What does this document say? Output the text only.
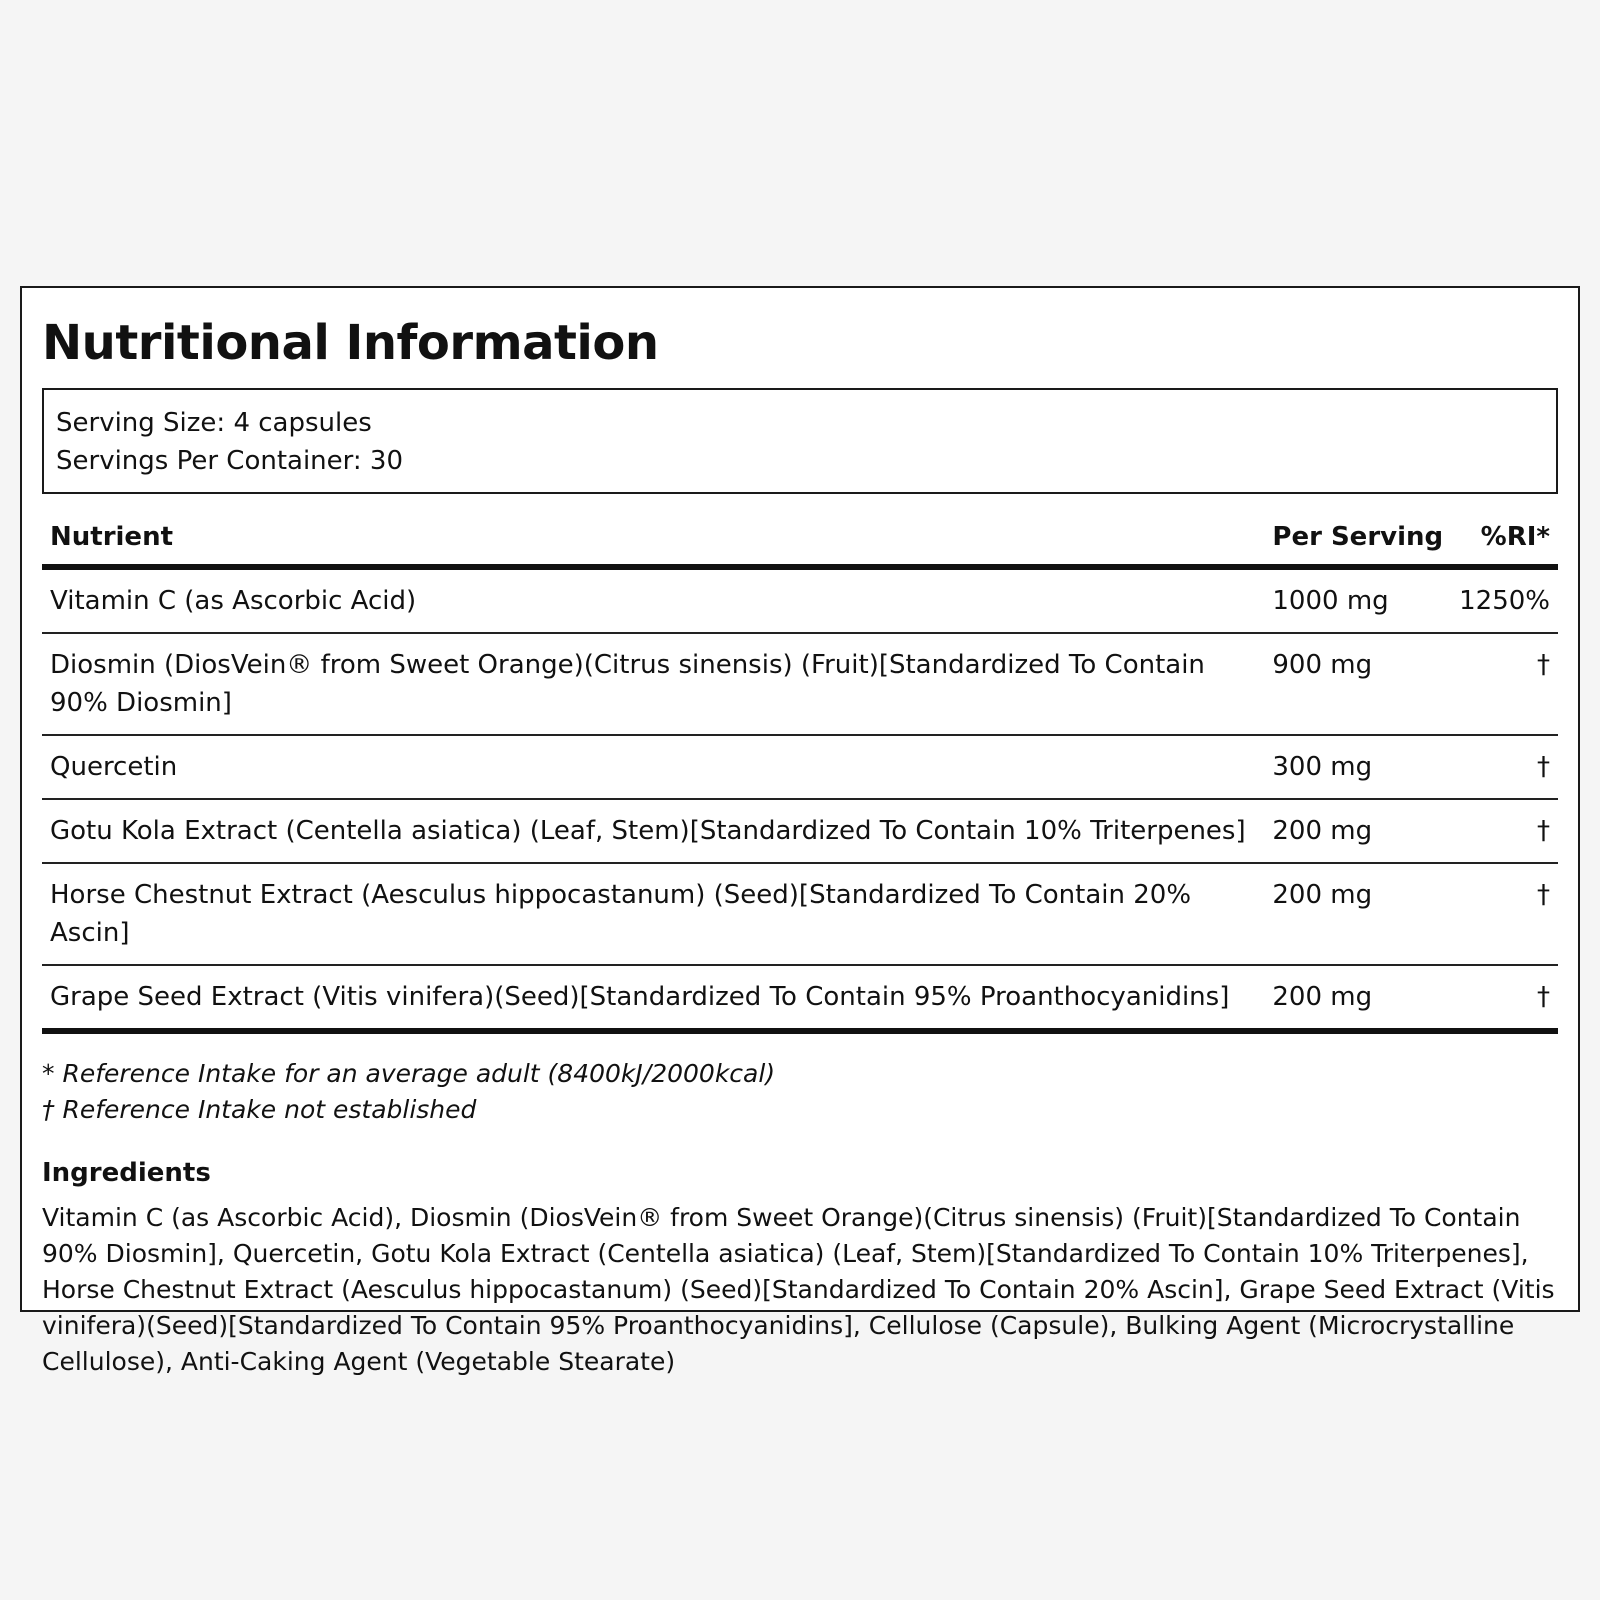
Nutritional Information
Serving Size: 4 capsules
Servings Per Container: 30
Nutrient	Per Serving	%RI*
Vitamin C (as Ascorbic Acid)	1000 mg	1250%
Diosmin (DiosVein® from Sweet Orange)(Citrus sinensis) (Fruit)[Standardized To Contain 90% Diosmin]	900 mg	†
Quercetin	300 mg	†
Gotu Kola Extract (Centella asiatica) (Leaf, Stem)[Standardized To Contain 10% Triterpenes]	200 mg	†
Horse Chestnut Extract (Aesculus hippocastanum) (Seed)[Standardized To Contain 20% Ascin]	200 mg	†
Grape Seed Extract (Vitis vinifera)(Seed)[Standardized To Contain 95% Proanthocyanidins]	200 mg	†
* Reference Intake for an average adult (8400kJ/2000kcal)
† Reference Intake not established
Ingredients
Vitamin C (as Ascorbic Acid), Diosmin (DiosVein® from Sweet Orange)(Citrus sinensis) (Fruit)[Standardized To Contain 90% Diosmin], Quercetin, Gotu Kola Extract (Centella asiatica) (Leaf, Stem)[Standardized To Contain 10% Triterpenes], Horse Chestnut Extract (Aesculus hippocastanum) (Seed)[Standardized To Contain 20% Ascin], Grape Seed Extract (Vitis vinifera)(Seed)[Standardized To Contain 95% Proanthocyanidins], Cellulose (Capsule), Bulking Agent (Microcrystalline Cellulose), Anti-Caking Agent (Vegetable Stearate)
